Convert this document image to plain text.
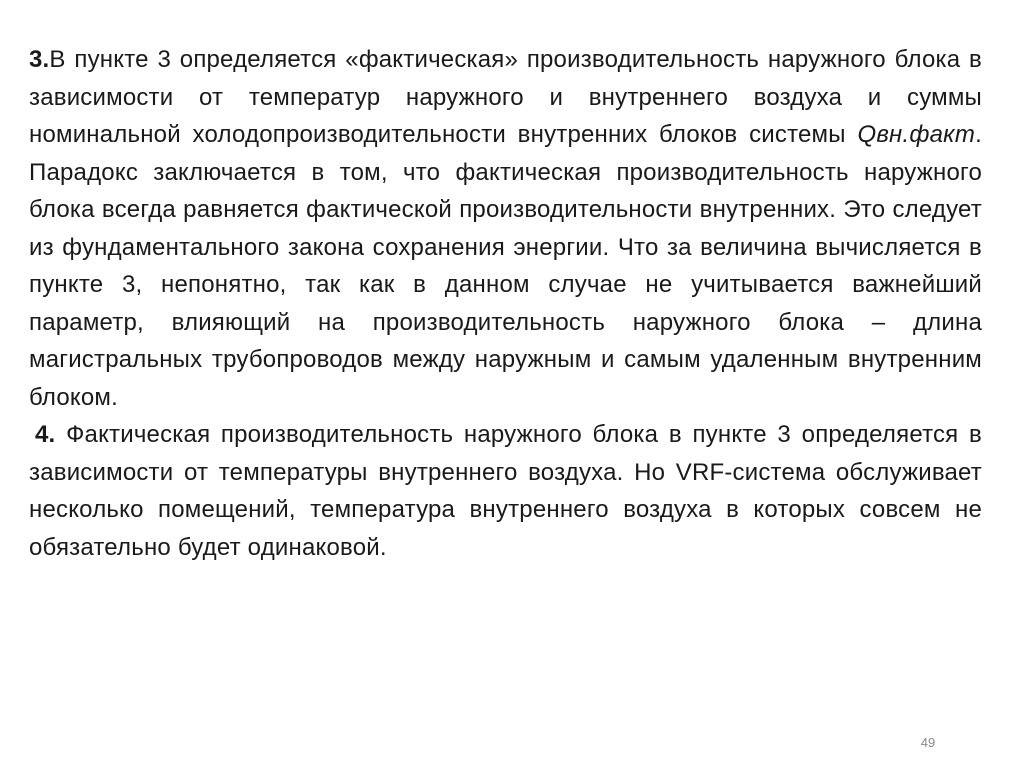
3.В пункте 3 определяется «фактическая» производительность наружного блока в зависимости от температур наружного и внутреннего воздуха и суммы номинальной холодопроизводительности внутренних блоков системы Qвн.факт. Парадокс заключается в том, что фактическая производительность наружного блока всегда равняется фактической производительности внутренних. Это следует из фундаментального закона сохранения энергии. Что за величина вычисляется в пункте 3, непонятно, так как в данном случае не учитывается важнейший параметр, влияющий на производительность наружного блока – длина магистральных трубопроводов между наружным и самым удаленным внутренним блоком.

4. Фактическая производительность наружного блока в пункте 3 определяется в зависимости от температуры внутреннего воздуха. Но VRF-система обслуживает несколько помещений, температура внутреннего воздуха в которых совсем не обязательно будет одинаковой.

49
